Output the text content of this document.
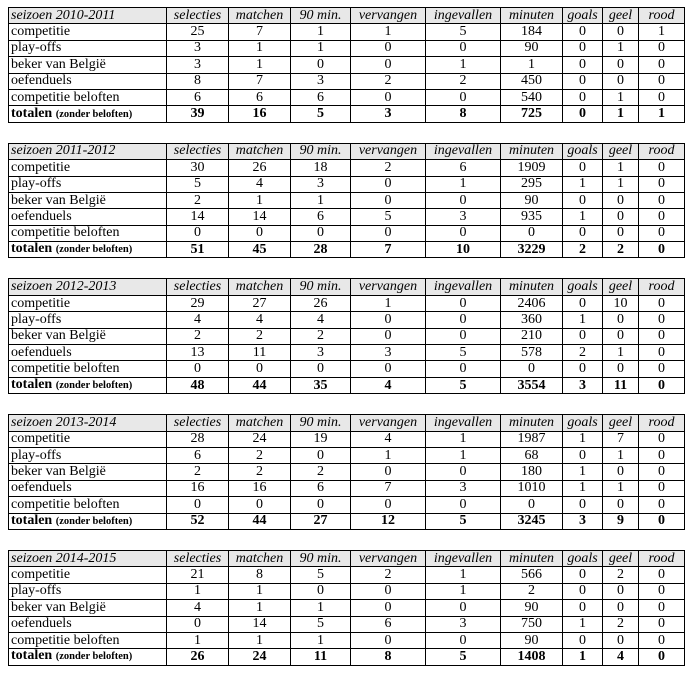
seizoen 2010-2011	selecties	matchen	90 min.	vervangen	ingevallen	minuten	goals	geel	rood
competitie	25	7	1	1	5	184	0	0	1
play-offs	3	1	1	0	0	90	0	1	0
beker van België	3	1	0	0	1	1	0	0	0
oefenduels	8	7	3	2	2	450	0	0	0
competitie beloften	6	6	6	0	0	540	0	1	0
totalen (zonder beloften)	39	16	5	3	8	725	0	1	1
seizoen 2011-2012	selecties	matchen	90 min.	vervangen	ingevallen	minuten	goals	geel	rood
competitie	30	26	18	2	6	1909	0	1	0
play-offs	5	4	3	0	1	295	1	1	0
beker van België	2	1	1	0	0	90	0	0	0
oefenduels	14	14	6	5	3	935	1	0	0
competitie beloften	0	0	0	0	0	0	0	0	0
totalen (zonder beloften)	51	45	28	7	10	3229	2	2	0
seizoen 2012-2013	selecties	matchen	90 min.	vervangen	ingevallen	minuten	goals	geel	rood
competitie	29	27	26	1	0	2406	0	10	0
play-offs	4	4	4	0	0	360	1	0	0
beker van België	2	2	2	0	0	210	0	0	0
oefenduels	13	11	3	3	5	578	2	1	0
competitie beloften	0	0	0	0	0	0	0	0	0
totalen (zonder beloften)	48	44	35	4	5	3554	3	11	0
seizoen 2013-2014	selecties	matchen	90 min.	vervangen	ingevallen	minuten	goals	geel	rood
competitie	28	24	19	4	1	1987	1	7	0
play-offs	6	2	0	1	1	68	0	1	0
beker van België	2	2	2	0	0	180	1	0	0
oefenduels	16	16	6	7	3	1010	1	1	0
competitie beloften	0	0	0	0	0	0	0	0	0
totalen (zonder beloften)	52	44	27	12	5	3245	3	9	0
seizoen 2014-2015	selecties	matchen	90 min.	vervangen	ingevallen	minuten	goals	geel	rood
competitie	21	8	5	2	1	566	0	2	0
play-offs	1	1	0	0	1	2	0	0	0
beker van België	4	1	1	0	0	90	0	0	0
oefenduels	0	14	5	6	3	750	1	2	0
competitie beloften	1	1	1	0	0	90	0	0	0
totalen (zonder beloften)	26	24	11	8	5	1408	1	4	0
